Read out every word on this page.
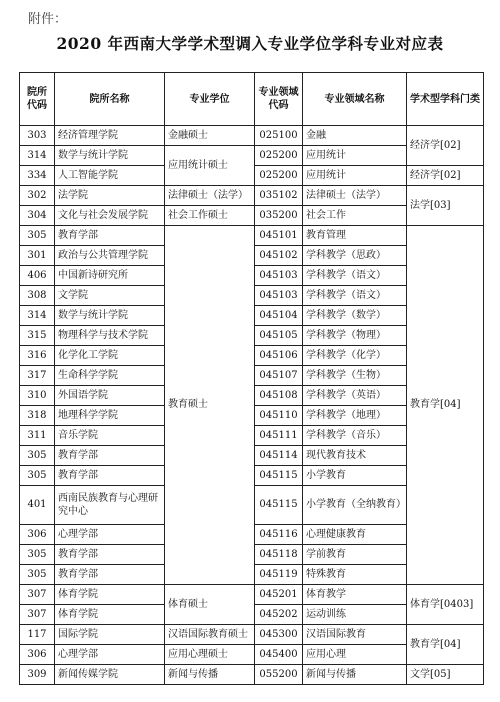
附件：
2020 年西南大学学术型调入专业学位学科专业对应表
院所代码	院所名称	专业学位	专业领域代码	专业领域名称	学术型学科门类
303	经济管理学院	金融硕士	025100	金融	经济学[02]
314	数学与统计学院	应用统计硕士	025200	应用统计	
334	人工智能学院		025200	应用统计	经济学[02]
302	法学院	法律硕士（法学）	035102	法律硕士（法学）	法学[03]
304	文化与社会发展学院	社会工作硕士	035200	社会工作	
305	教育学部	教育硕士	045101	教育管理	教育学[04]
301	政治与公共管理学院		045102	学科教学（思政）	
406	中国新诗研究所		045103	学科教学（语文）	
308	文学院		045103	学科教学（语文）	
314	数学与统计学院		045104	学科教学（数学）	
315	物理科学与技术学院		045105	学科教学（物理）	
316	化学化工学院		045106	学科教学（化学）	
317	生命科学学院		045107	学科教学（生物）	
310	外国语学院		045108	学科教学（英语）	
318	地理科学学院		045110	学科教学（地理）	
311	音乐学院		045111	学科教学（音乐）	
305	教育学部		045114	现代教育技术	
305	教育学部		045115	小学教育	
401	西南民族教育与心理研究中心		045115	小学教育（全纳教育）	
306	心理学部		045116	心理健康教育	
305	教育学部		045118	学前教育	
305	教育学部		045119	特殊教育	
307	体育学院	体育硕士	045201	体育教学	体育学[0403]
307	体育学院		045202	运动训练	
117	国际学院	汉语国际教育硕士	045300	汉语国际教育	教育学[04]
306	心理学部	应用心理硕士	045400	应用心理	
309	新闻传媒学院	新闻与传播	055200	新闻与传播	文学[05]
